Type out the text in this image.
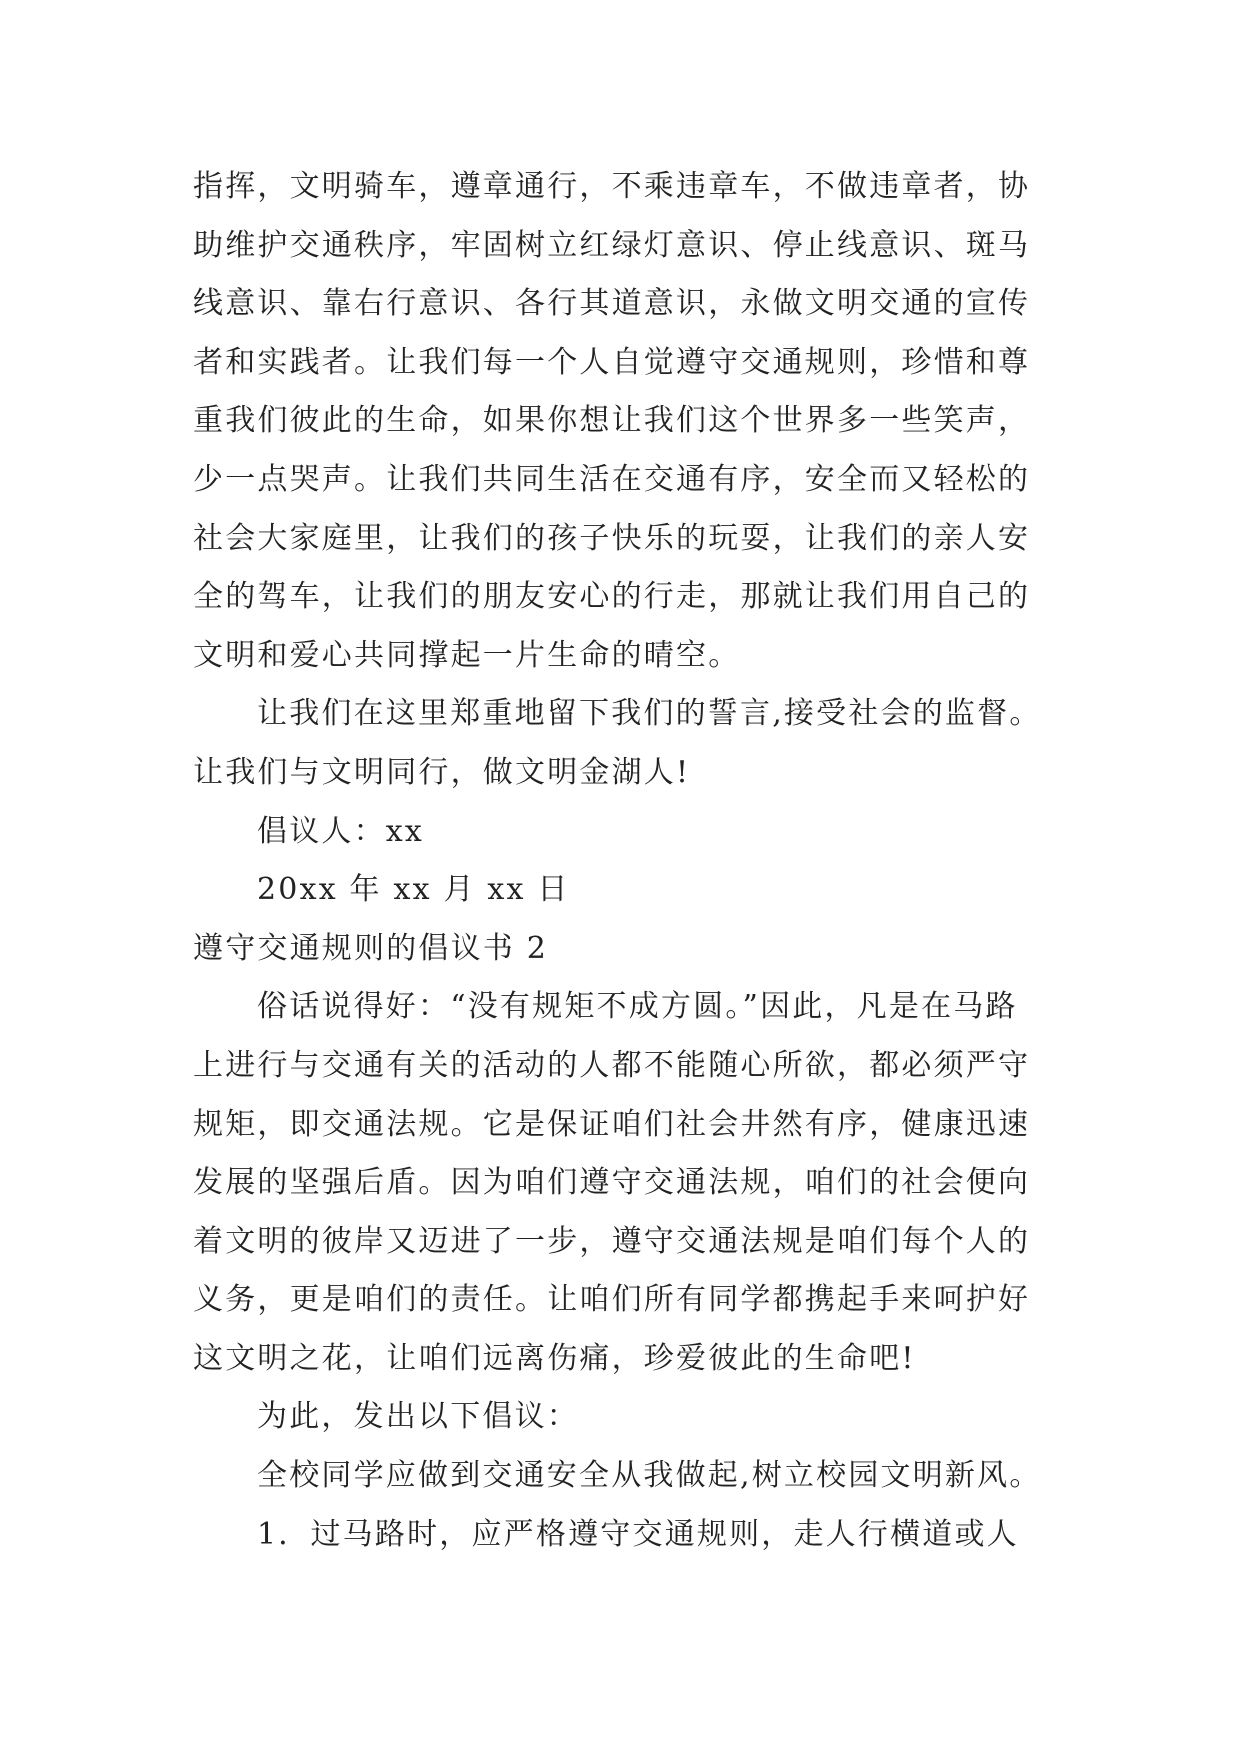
指挥，文明骑车，遵章通行，不乘违章车，不做违章者，协
助维护交通秩序，牢固树立红绿灯意识、停止线意识、斑马
线意识、靠右行意识、各行其道意识，永做文明交通的宣传
者和实践者。让我们每一个人自觉遵守交通规则，珍惜和尊
重我们彼此的生命，如果你想让我们这个世界多一些笑声，
少一点哭声。让我们共同生活在交通有序，安全而又轻松的
社会大家庭里，让我们的孩子快乐的玩耍，让我们的亲人安
全的驾车，让我们的朋友安心的行走，那就让我们用自己的
文明和爱心共同撑起一片生命的晴空。
让我们在这里郑重地留下我们的誓言,接受社会的监督。
让我们与文明同行，做文明金湖人!
倡议人：xx
20xx 年 xx 月 xx 日
遵守交通规则的倡议书 2
俗话说得好：“没有规矩不成方圆。”因此，凡是在马路
上进行与交通有关的活动的人都不能随心所欲，都必须严守
规矩，即交通法规。它是保证咱们社会井然有序，健康迅速
发展的坚强后盾。因为咱们遵守交通法规，咱们的社会便向
着文明的彼岸又迈进了一步，遵守交通法规是咱们每个人的
义务，更是咱们的责任。让咱们所有同学都携起手来呵护好
这文明之花，让咱们远离伤痛，珍爱彼此的生命吧!
为此，发出以下倡议：
全校同学应做到交通安全从我做起,树立校园文明新风。
1．过马路时，应严格遵守交通规则，走人行横道或人
